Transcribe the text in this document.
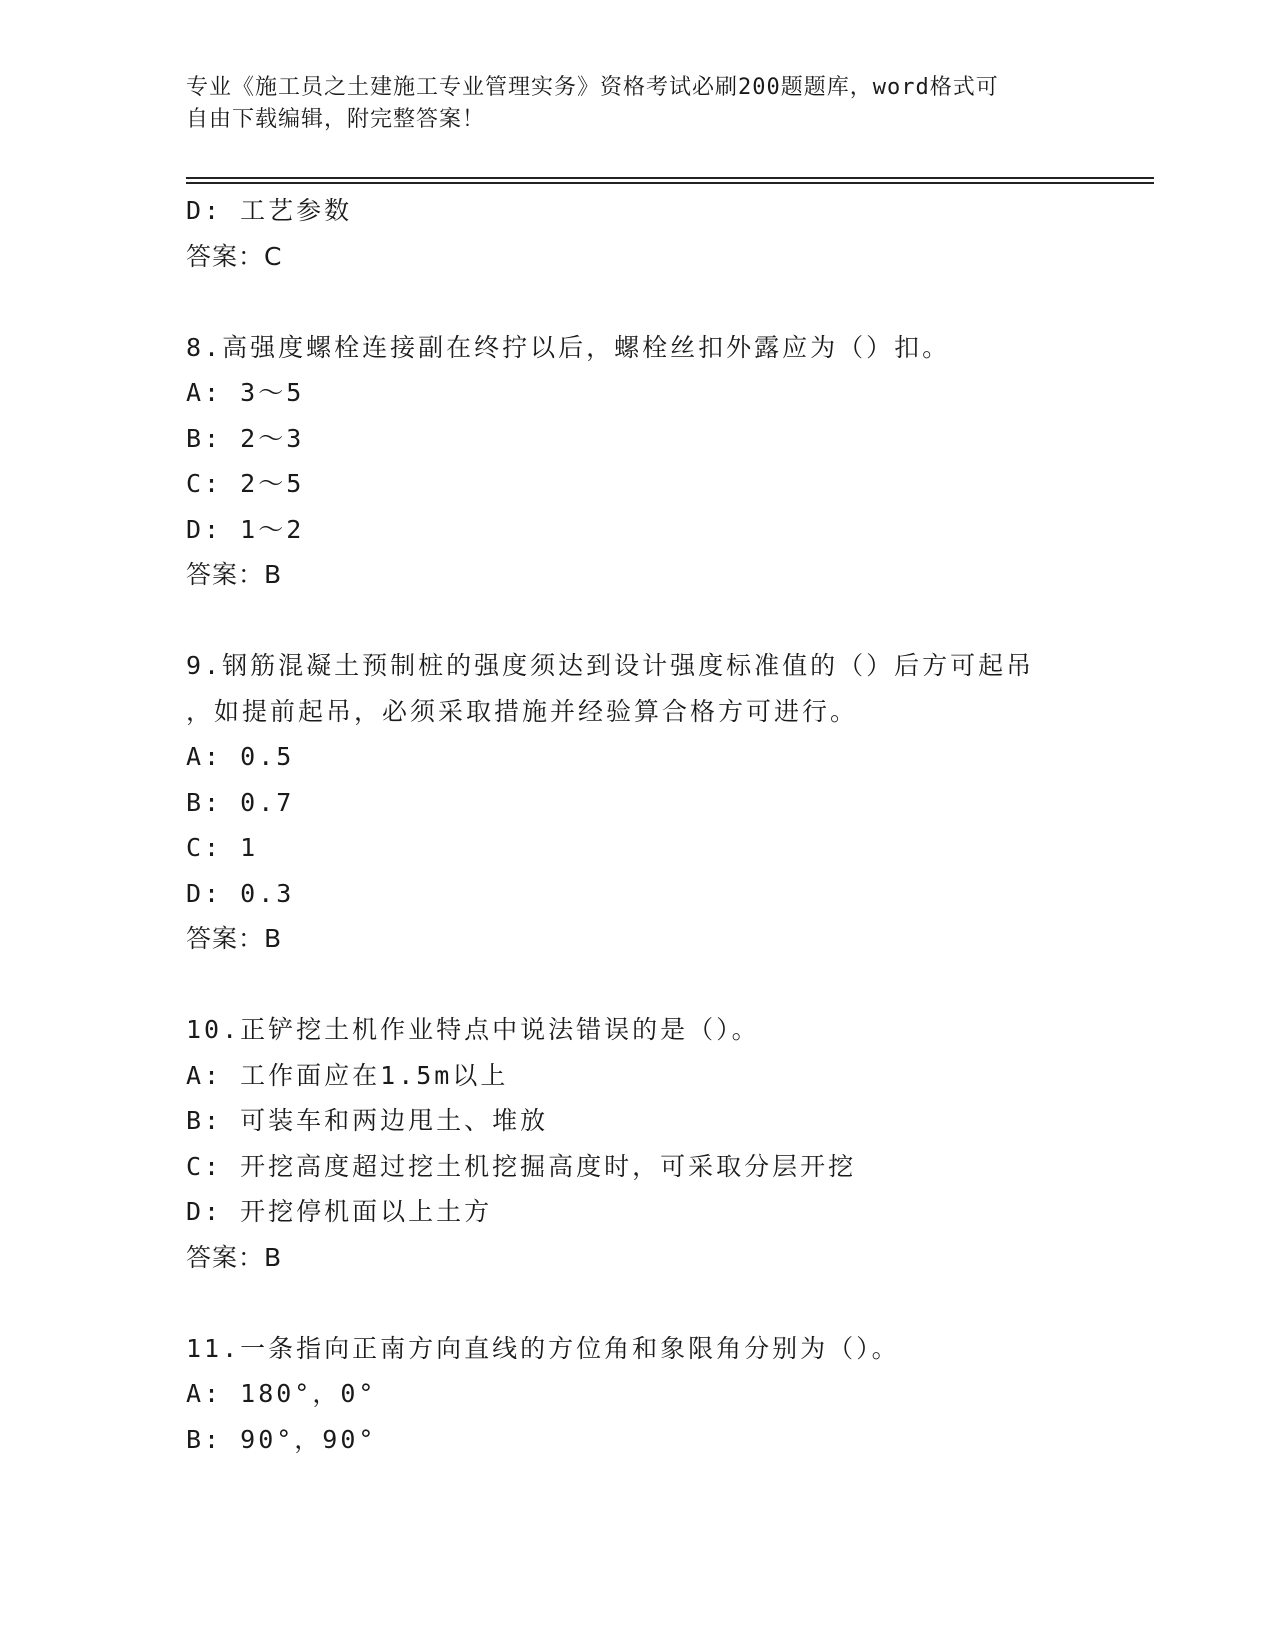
专业《施工员之土建施工专业管理实务》资格考试必刷200题题库，word格式可
自由下载编辑，附完整答案！
D: 工艺参数
答案：C
8.高强度螺栓连接副在终拧以后，螺栓丝扣外露应为（）扣。
A: 3～5
B: 2～3
C: 2～5
D: 1～2
答案：B
9.钢筋混凝土预制桩的强度须达到设计强度标准值的（）后方可起吊
，如提前起吊，必须采取措施并经验算合格方可进行。
A: 0.5
B: 0.7
C: 1
D: 0.3
答案：B
10.正铲挖土机作业特点中说法错误的是（）。
A: 工作面应在1.5m以上
B: 可装车和两边甩土、堆放
C: 开挖高度超过挖土机挖掘高度时，可采取分层开挖
D: 开挖停机面以上土方
答案：B
11.一条指向正南方向直线的方位角和象限角分别为（）。
A: 180°，0°
B: 90°，90°
